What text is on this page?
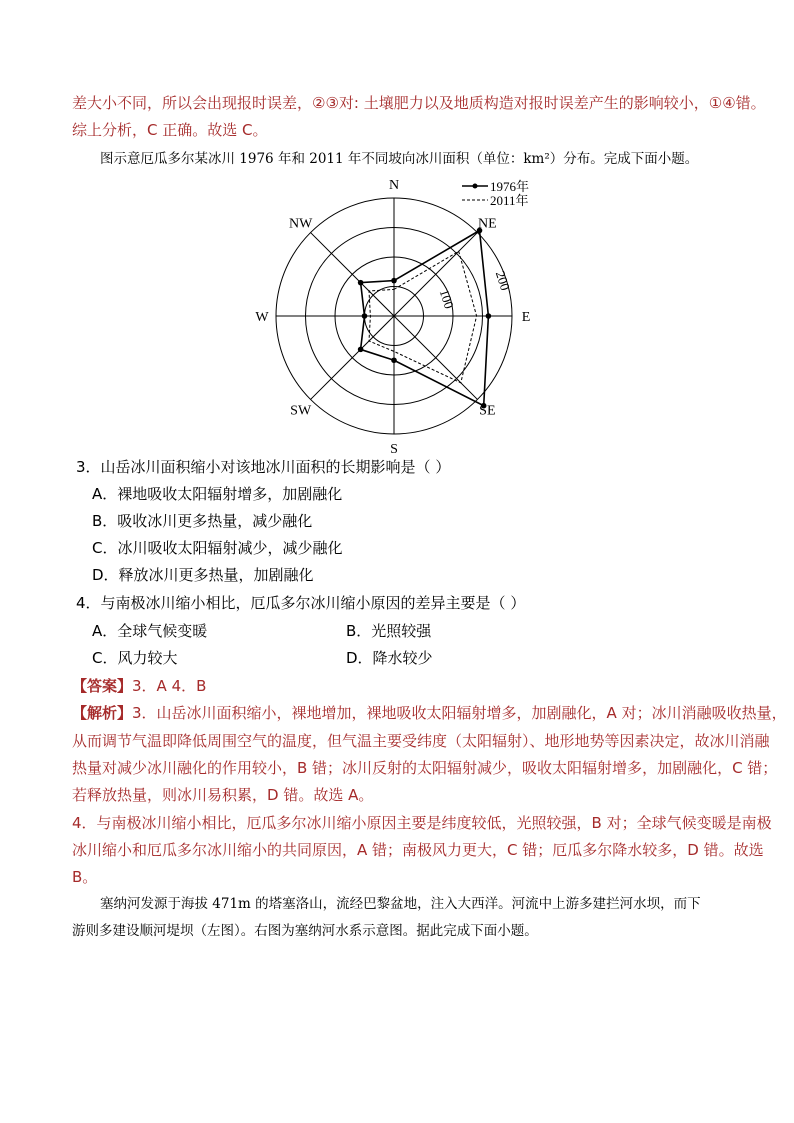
差大小不同，所以会出现报时误差，②③对: 土壤肥力以及地质构造对报时误差产生的影响较小，①④错。
综上分析，C 正确。故选 C。
图示意厄瓜多尔某冰川 1976 年和 2011 年不同坡向冰川面积（单位：km²）分布。完成下面小题。
N
NE
E
SE
S
SW
W
NW
100
200
1976年
2011年
3．山岳冰川面积缩小对该地冰川面积的长期影响是（ ）
A．裸地吸收太阳辐射增多，加剧融化
B．吸收冰川更多热量，减少融化
C．冰川吸收太阳辐射减少，减少融化
D．释放冰川更多热量，加剧融化
4．与南极冰川缩小相比，厄瓜多尔冰川缩小原因的差异主要是（ ）
A．全球气候变暖	B．光照较强
C．风力较大	D．降水较少
【答案】3．A 4．B
【解析】3．山岳冰川面积缩小，裸地增加，裸地吸收太阳辐射增多，加剧融化，A 对；冰川消融吸收热量，
从而调节气温即降低周围空气的温度，但气温主要受纬度（太阳辐射）、地形地势等因素决定，故冰川消融
热量对减少冰川融化的作用较小，B 错；冰川反射的太阳辐射减少，吸收太阳辐射增多，加剧融化，C 错；
若释放热量，则冰川易积累，D 错。故选 A。
4．与南极冰川缩小相比，厄瓜多尔冰川缩小原因主要是纬度较低，光照较强，B 对；全球气候变暖是南极
冰川缩小和厄瓜多尔冰川缩小的共同原因，A 错；南极风力更大，C 错；厄瓜多尔降水较多，D 错。故选
B。
塞纳河发源于海拔 471m 的塔塞洛山，流经巴黎盆地，注入大西洋。河流中上游多建拦河水坝，而下
游则多建设顺河堤坝（左图）。右图为塞纳河水系示意图。据此完成下面小题。
